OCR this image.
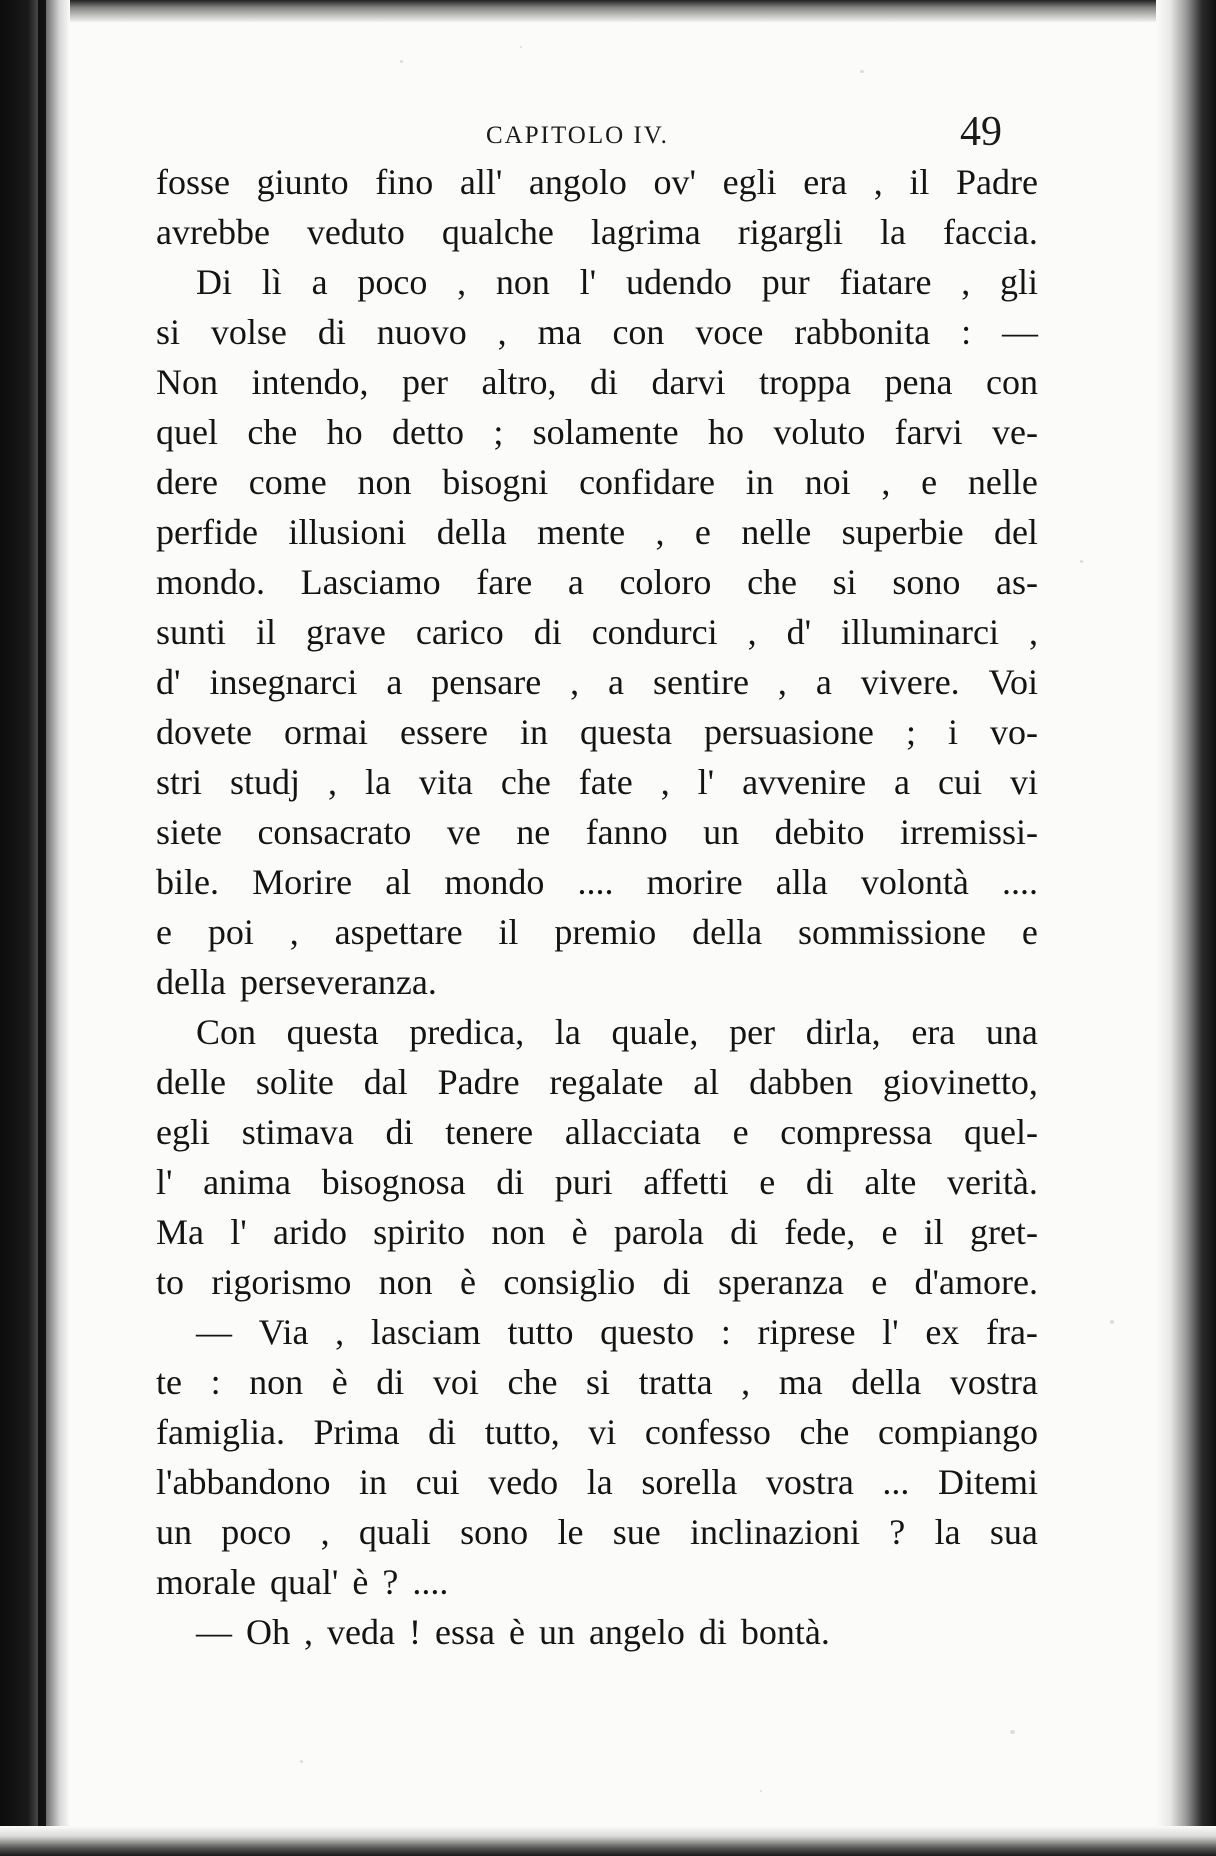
CAPITOLO IV.	49
fosse giunto fino all' angolo ov' egli era , il Padre
avrebbe veduto qualche lagrima rigargli la faccia.
Di lì a poco , non l' udendo pur fiatare , gli
si volse di nuovo , ma con voce rabbonita : —
Non intendo, per altro, di darvi troppa pena con
quel che ho detto ; solamente ho voluto farvi ve-
dere come non bisogni confidare in noi , e nelle
perfide illusioni della mente , e nelle superbie del
mondo. Lasciamo fare a coloro che si sono as-
sunti il grave carico di condurci , d' illuminarci ,
d' insegnarci a pensare , a sentire , a vivere. Voi
dovete ormai essere in questa persuasione ; i vo-
stri studj , la vita che fate , l' avvenire a cui vi
siete consacrato ve ne fanno un debito irremissi-
bile. Morire al mondo .... morire alla volontà ....
e poi , aspettare il premio della sommissione e
della perseveranza.
Con questa predica, la quale, per dirla, era una
delle solite dal Padre regalate al dabben giovinetto,
egli stimava di tenere allacciata e compressa quel-
l' anima bisognosa di puri affetti e di alte verità.
Ma l' arido spirito non è parola di fede, e il gret-
to rigorismo non è consiglio di speranza e d'amore.
— Via , lasciam tutto questo : riprese l' ex fra-
te : non è di voi che si tratta , ma della vostra
famiglia. Prima di tutto, vi confesso che compiango
l'abbandono in cui vedo la sorella vostra ... Ditemi
un poco , quali sono le sue inclinazioni ? la sua
morale qual' è ? ....
— Oh , veda ! essa è un angelo di bontà.
